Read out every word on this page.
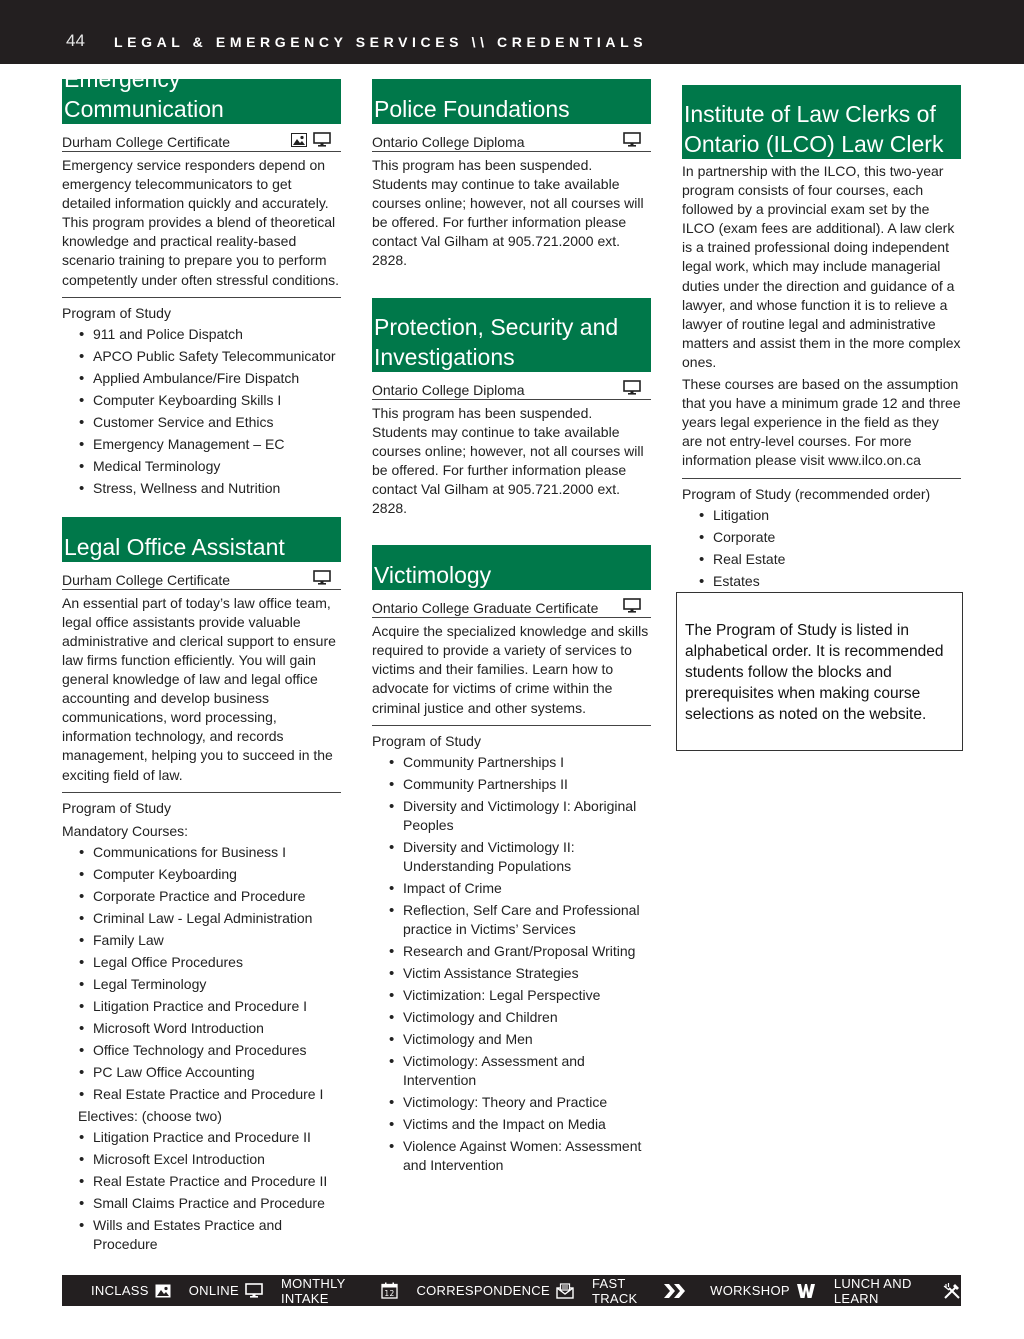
44 LEGAL & EMERGENCY SERVICES \\ CREDENTIALS
Emergency Communication
Durham College Certificate

Emergency service responders depend on emergency telecommunicators to get detailed information quickly and accurately. This program provides a blend of theoretical knowledge and practical reality-based scenario training to prepare you to perform competently under often stressful conditions.

Program of Study
• 911 and Police Dispatch
• APCO Public Safety Telecommunicator
• Applied Ambulance/Fire Dispatch
• Computer Keyboarding Skills I
• Customer Service and Ethics
• Emergency Management – EC
• Medical Terminology
• Stress, Wellness and Nutrition
Legal Office Assistant
Durham College Certificate

An essential part of today’s law office team, legal office assistants provide valuable administrative and clerical support to ensure law firms function efficiently. You will gain general knowledge of law and legal office accounting and develop business communications, word processing, information technology, and records management, helping you to succeed in the exciting field of law.

Program of Study
Mandatory Courses:
• Communications for Business I
• Computer Keyboarding
• Corporate Practice and Procedure
• Criminal Law - Legal Administration
• Family Law
• Legal Office Procedures
• Legal Terminology
• Litigation Practice and Procedure I
• Microsoft Word Introduction
• Office Technology and Procedures
• PC Law Office Accounting
• Real Estate Practice and Procedure I
Electives: (choose two)
• Litigation Practice and Procedure II
• Microsoft Excel Introduction
• Real Estate Practice and Procedure II
• Small Claims Practice and Procedure
• Wills and Estates Practice and Procedure
Police Foundations
Ontario College Diploma

This program has been suspended. Students may continue to take available courses online; however, not all courses will be offered. For further information please contact Val Gilham at 905.721.2000 ext. 2828.

Protection, Security and Investigations
Ontario College Diploma

This program has been suspended. Students may continue to take available courses online; however, not all courses will be offered. For further information please contact Val Gilham at 905.721.2000 ext. 2828.

Victimology
Ontario College Graduate Certificate

Acquire the specialized knowledge and skills required to provide a variety of services to victims and their families. Learn how to advocate for victims of crime within the criminal justice and other systems.

Program of Study
• Community Partnerships I
• Community Partnerships II
• Diversity and Victimology I: Aboriginal Peoples
• Diversity and Victimology II: Understanding Populations
• Impact of Crime
• Reflection, Self Care and Professional practice in Victims’ Services
• Research and Grant/Proposal Writing
• Victim Assistance Strategies
• Victimization: Legal Perspective
• Victimology and Children
• Victimology and Men
• Victimology: Assessment and Intervention
• Victimology: Theory and Practice
• Victims and the Impact on Media
• Violence Against Women: Assessment and Intervention
Institute of Law Clerks of Ontario (ILCO) Law Clerk

In partnership with the ILCO, this two-year program consists of four courses, each followed by a provincial exam set by the ILCO (exam fees are additional). A law clerk is a trained professional doing independent legal work, which may include managerial duties under the direction and guidance of a lawyer, and whose function it is to relieve a lawyer of routine legal and administrative matters and assist them in the more complex ones.

These courses are based on the assumption that you have a minimum grade 12 and three years legal experience in the field as they are not entry-level courses. For more information please visit www.ilco.on.ca

Program of Study (recommended order)
• Litigation
• Corporate
• Real Estate
• Estates
The Program of Study is listed in alphabetical order. It is recommended students follow the blocks and prerequisites when making course selections as noted on the website.
INCLASS	ONLINE	MONTHLY INTAKE	12 CORRESPONDENCE	FAST TRACK	WORKSHOP	LUNCH AND LEARN
